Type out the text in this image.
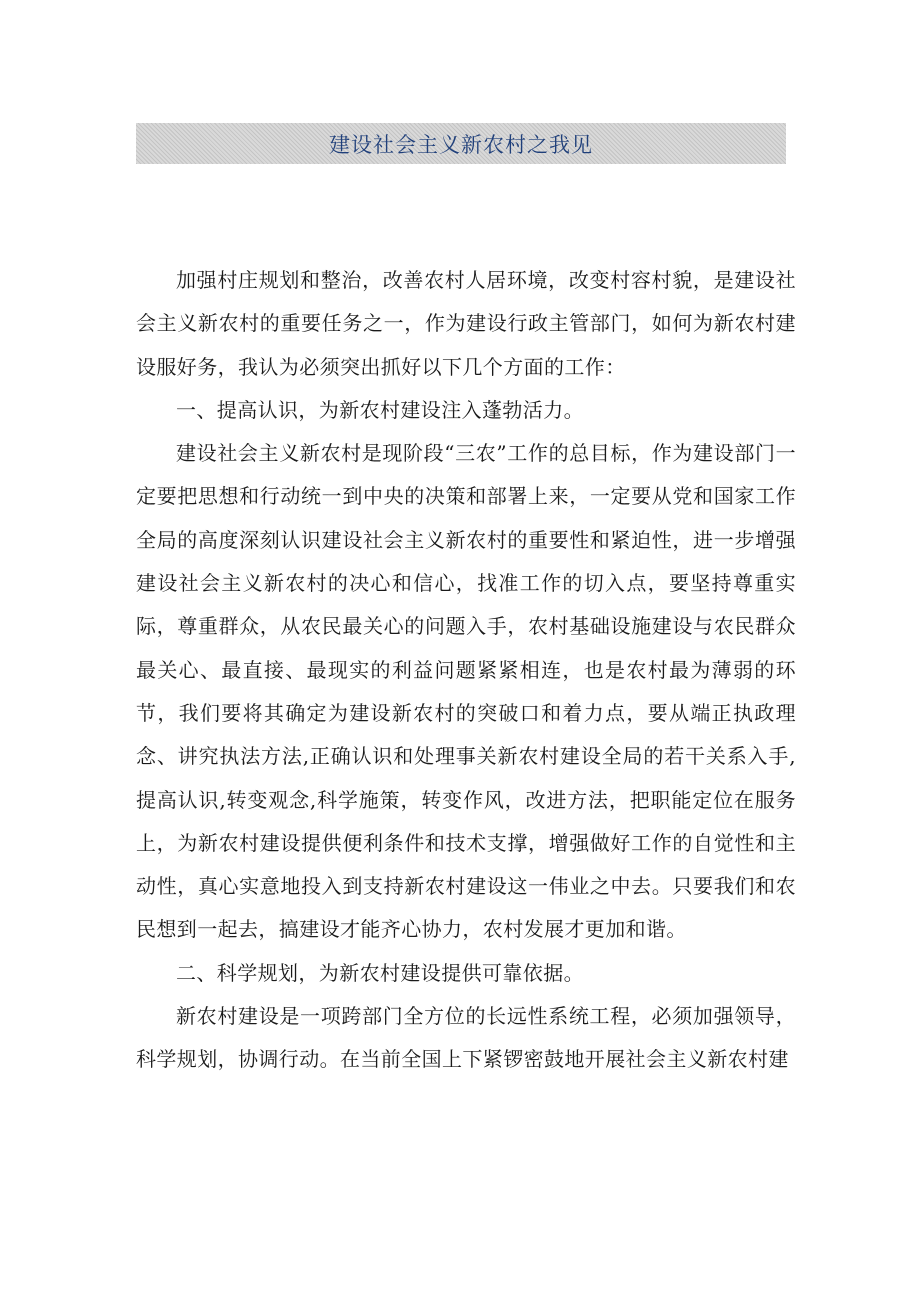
建设社会主义新农村之我见

加强村庄规划和整治，改善农村人居环境，改变村容村貌，是建设社会主义新农村的重要任务之一，作为建设行政主管部门，如何为新农村建设服好务，我认为必须突出抓好以下几个方面的工作：

一、提高认识，为新农村建设注入蓬勃活力。

建设社会主义新农村是现阶段“三农”工作的总目标，作为建设部门一定要把思想和行动统一到中央的决策和部署上来，一定要从党和国家工作全局的高度深刻认识建设社会主义新农村的重要性和紧迫性，进一步增强建设社会主义新农村的决心和信心，找准工作的切入点，要坚持尊重实际，尊重群众，从农民最关心的问题入手，农村基础设施建设与农民群众最关心、最直接、最现实的利益问题紧紧相连，也是农村最为薄弱的环节，我们要将其确定为建设新农村的突破口和着力点，要从端正执政理念、讲究执法方法,正确认识和处理事关新农村建设全局的若干关系入手,提高认识,转变观念,科学施策，转变作风，改进方法，把职能定位在服务上，为新农村建设提供便利条件和技术支撑，增强做好工作的自觉性和主动性，真心实意地投入到支持新农村建设这一伟业之中去。只要我们和农民想到一起去，搞建设才能齐心协力，农村发展才更加和谐。

二、科学规划，为新农村建设提供可靠依据。

新农村建设是一项跨部门全方位的长远性系统工程，必须加强领导，科学规划，协调行动。在当前全国上下紧锣密鼓地开展社会主义新农村建
